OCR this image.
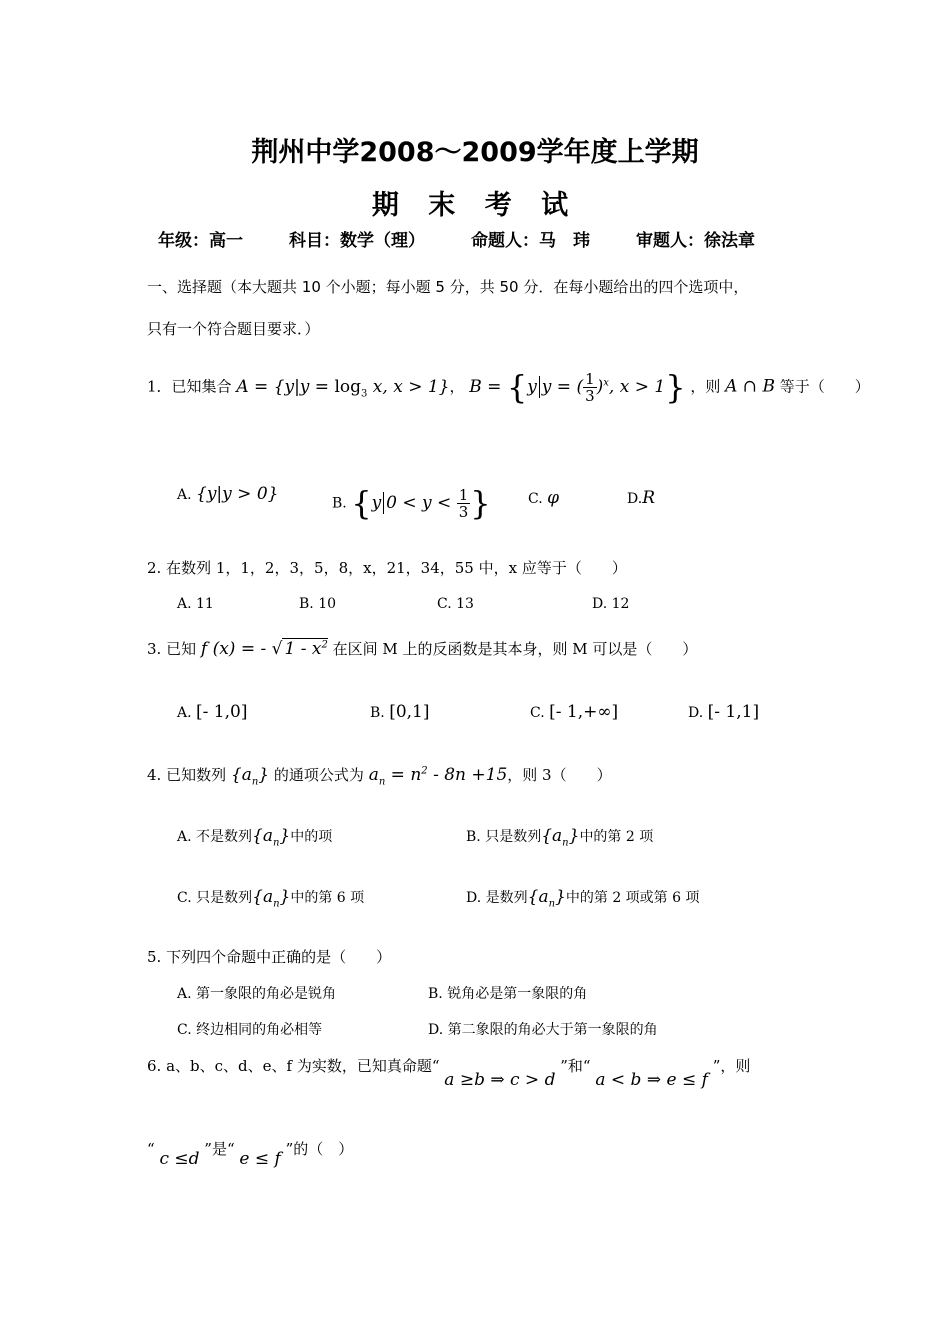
荆州中学2008～2009学年度上学期
期 末 考 试
年级：高一	科目：数学（理）	命题人：马　玮	审题人：徐法章
一、选择题（本大题共 10 个小题；每小题 5 分，共 50 分．在每小题给出的四个选项中，
只有一个符合题目要求．）
1．已知集合 $A = \{y|y = \log_3 x$, x > 1}， B = {y y = ( $\frac{1}{3} )^x$, x > 1} ，则 A ∩ B 等于（　　）
A. {y|y > 0}	B. {y $0 < y < \frac{1}{3}$ }	C. φ	D.R
2. 在数列 1，1，2，3，5，8，x，21，34，55 中，x 应等于（　　）
A. 11	B. 10	C. 13	D. 12
3. 已知 f (x) = - √ $1 - x^2$ 在区间 M 上的反函数是其本身，则 M 可以是（　　）
A. [- 1,0]	B. [0,1]	C. [- 1,+∞]	D. [- 1,1]
4. 已知数列 $\{a_n\}$ 的通项公式为 $a_n = n^2 - 8n +15$，则 3（　　）
A. 不是数列$\{a_n\}$中的项	B. 只是数列$\{a_n\}$中的第 2 项
C. 只是数列$\{a_n\}$中的第 6 项	D. 是数列$\{a_n\}$中的第 2 项或第 6 项
5. 下列四个命题中正确的是（　　）
A. 第一象限的角必是锐角	B. 锐角必是第一象限的角
C. 终边相同的角必相等	D. 第二象限的角必大于第一象限的角
6. a、b、c、d、e、f 为实数，已知真命题“ a ≥b ⇒ c > d ”和“ a < b ⇒ e ≤ f ”，则
“ c ≤d ”是“ e ≤ f ”的（　）
